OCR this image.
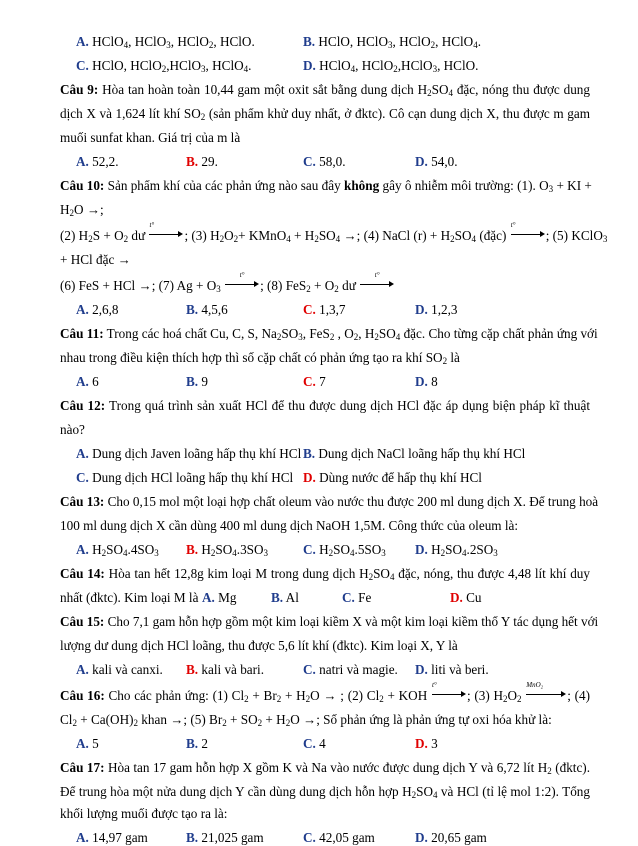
A. HClO$_4$, HClO$_3$, HClO$_2$, HClO.	B. HClO, HClO$_3$, HClO$_2$, HClO$_4$.
C. HClO, HClO$_2$,HClO$_3$, HClO$_4$.	D. HClO$_4$, HClO$_2$,HClO$_3$, HClO.
Câu 9: Hòa tan hoàn toàn 10,44 gam một oxit sắt bằng dung dịch $H_2SO_4$ đặc, nóng thu được dung
dịch X và 1,624 lít khí $SO_2$ (sản phẩm khử duy nhất, ở đktc). Cô cạn dung dịch X, thu được m gam
muối sunfat khan. Giá trị của m là
A. 52,2.	B. 29.	C. 58,0.	D. 54,0.
Câu 10: Sản phẩm khí của các phản ứng nào sau đây không gây ô nhiễm môi trường: (1). $O_3$ + KI +
$H_2O$ →;
(2) $H_2S + O_2$ dư
t°
; (3) $H_2O_2+$ KMnO$_4$ + $H_2SO_4$ →; (4) NaCl $(r) + H_2SO_4$ (đặc)
t°
; (5) KClO$_3$
+ HCl đặc →
(6) FeS + HCl →; (7) $Ag + O_3$
t°
; (8) $FeS_2 + O_2$ dư
t°
A. 2,6,8	B. 4,5,6	C. 1,3,7	D. 1,2,3
Câu 11: Trong các hoá chất Cu, C, S, $Na_2SO_3$, FeS$_2$ , $O_2$, $H_2SO_4$ đặc. Cho từng cặp chất phản ứng với
nhau trong điều kiện thích hợp thì số cặp chất có phản ứng tạo ra khí $SO_2$ là
A. 6	B. 9	C. 7	D. 8
Câu 12: Trong quá trình sản xuất HCl để thu được dung dịch HCl đặc áp dụng biện pháp kĩ thuật
nào?
A. Dung dịch Javen loãng hấp thụ khí HCl B. Dung dịch NaCl loãng hấp thụ khí HCl
C. Dung dịch HCl loãng hấp thụ khí HCl D. Dùng nước để hấp thụ khí HCl
Câu 13: Cho 0,15 mol một loại hợp chất oleum vào nước thu được 200 ml dung dịch X. Để trung hoà
100 ml dung dịch X cần dùng 400 ml dung dịch NaOH 1,5M. Công thức của oleum là:
A. $H_2SO_4.4SO_3$ B. $H_2SO_4.3SO_3$	C. $H_2SO_4.5SO_3$ D. $H_2SO_4.2SO_3$
Câu 14: Hòa tan hết 12,8g kim loại M trong dung dịch $H_2SO_4$ đặc, nóng, thu được 4,48 lít khí duy
nhất (đktc). Kim loại M là A. Mg	B. Al	C. Fe	D. Cu
Câu 15: Cho 7,1 gam hỗn hợp gồm một kim loại kiềm X và một kim loại kiềm thổ Y tác dụng hết với
lượng dư dung dịch HCl loãng, thu được 5,6 lít khí (đktc). Kim loại X, Y là
A. kali và canxi. B. kali và bari.	C. natri và magie. D. liti và beri.
Câu 16: Cho các phản ứng: (1) $Cl_2 + Br_2 + H_2O$ → ; (2) $Cl_2$ + KOH
t°
; (3) $H_2O_2$
MnO₂
; (4)
$Cl_2 + Ca(OH)_2$ khan →; (5) $Br_2 + SO_2 + H_2O$ →; Số phản ứng là phản ứng tự oxi hóa khử là:
A. 5	B. 2	C. 4	D. 3
Câu 17: Hòa tan 17 gam hỗn hợp X gồm K và Na vào nước được dung dịch Y và 6,72 lít $H_2$ (đktc).
Để trung hòa một nửa dung dịch Y cần dùng dung dịch hỗn hợp $H_2SO_4$ và HCl (tỉ lệ mol 1:2). Tổng
khối lượng muối được tạo ra là:
A. 14,97 gam	B. 21,025 gam	C. 42,05 gam	D. 20,65 gam
